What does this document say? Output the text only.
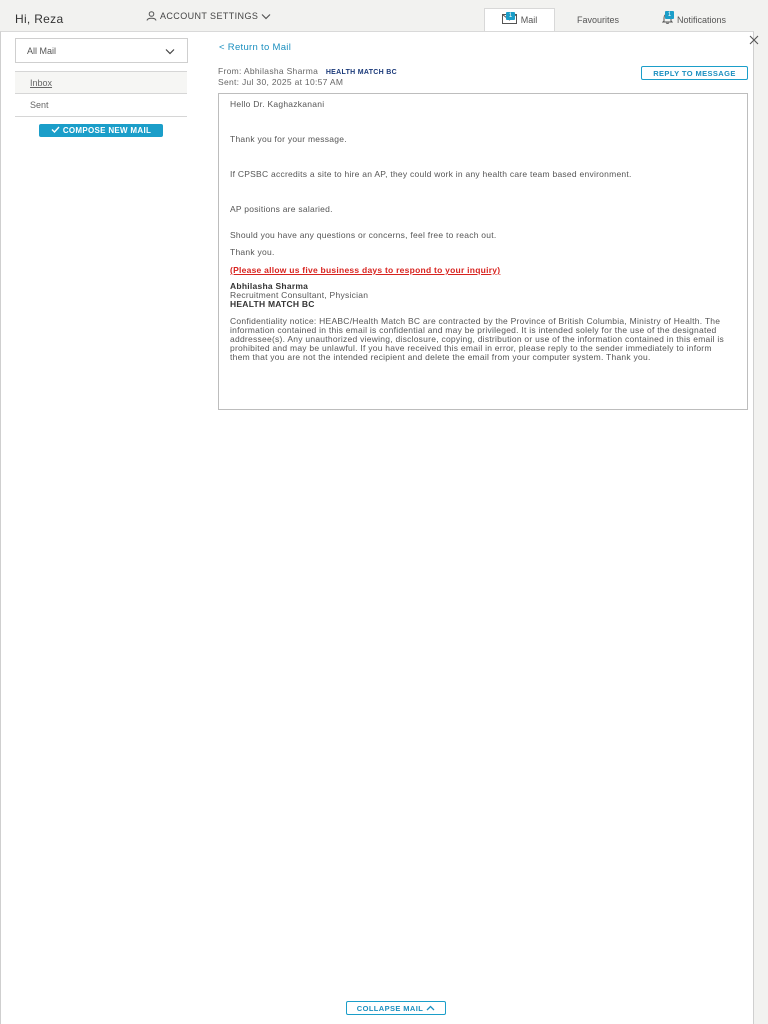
Hi, Reza	ACCOUNT SETTINGS	1 Mail	Favourites	1 Notifications
All Mail
Inbox
Sent
COMPOSE NEW MAIL
< Return to Mail
From: Abhilasha Sharma HEALTH MATCH BC
Sent: Jul 30, 2025 at 10:57 AM
REPLY TO MESSAGE

Hello Dr. Kaghazkanani

Thank you for your message.

If CPSBC accredits a site to hire an AP, they could work in any health care team based environment.

AP positions are salaried.

Should you have any questions or concerns, feel free to reach out.

Thank you.

(Please allow us five business days to respond to your inquiry)

Abhilasha Sharma
Recruitment Consultant, Physician
HEALTH MATCH BC

Confidentiality notice: HEABC/Health Match BC are contracted by the Province of British Columbia, Ministry of Health. The information contained in this email is confidential and may be privileged. It is intended solely for the use of the designated addressee(s). Any unauthorized viewing, disclosure, copying, distribution or use of the information contained in this email is prohibited and may be unlawful. If you have received this email in error, please reply to the sender immediately to inform them that you are not the intended recipient and delete the email from your computer system. Thank you.

COLLAPSE MAIL
